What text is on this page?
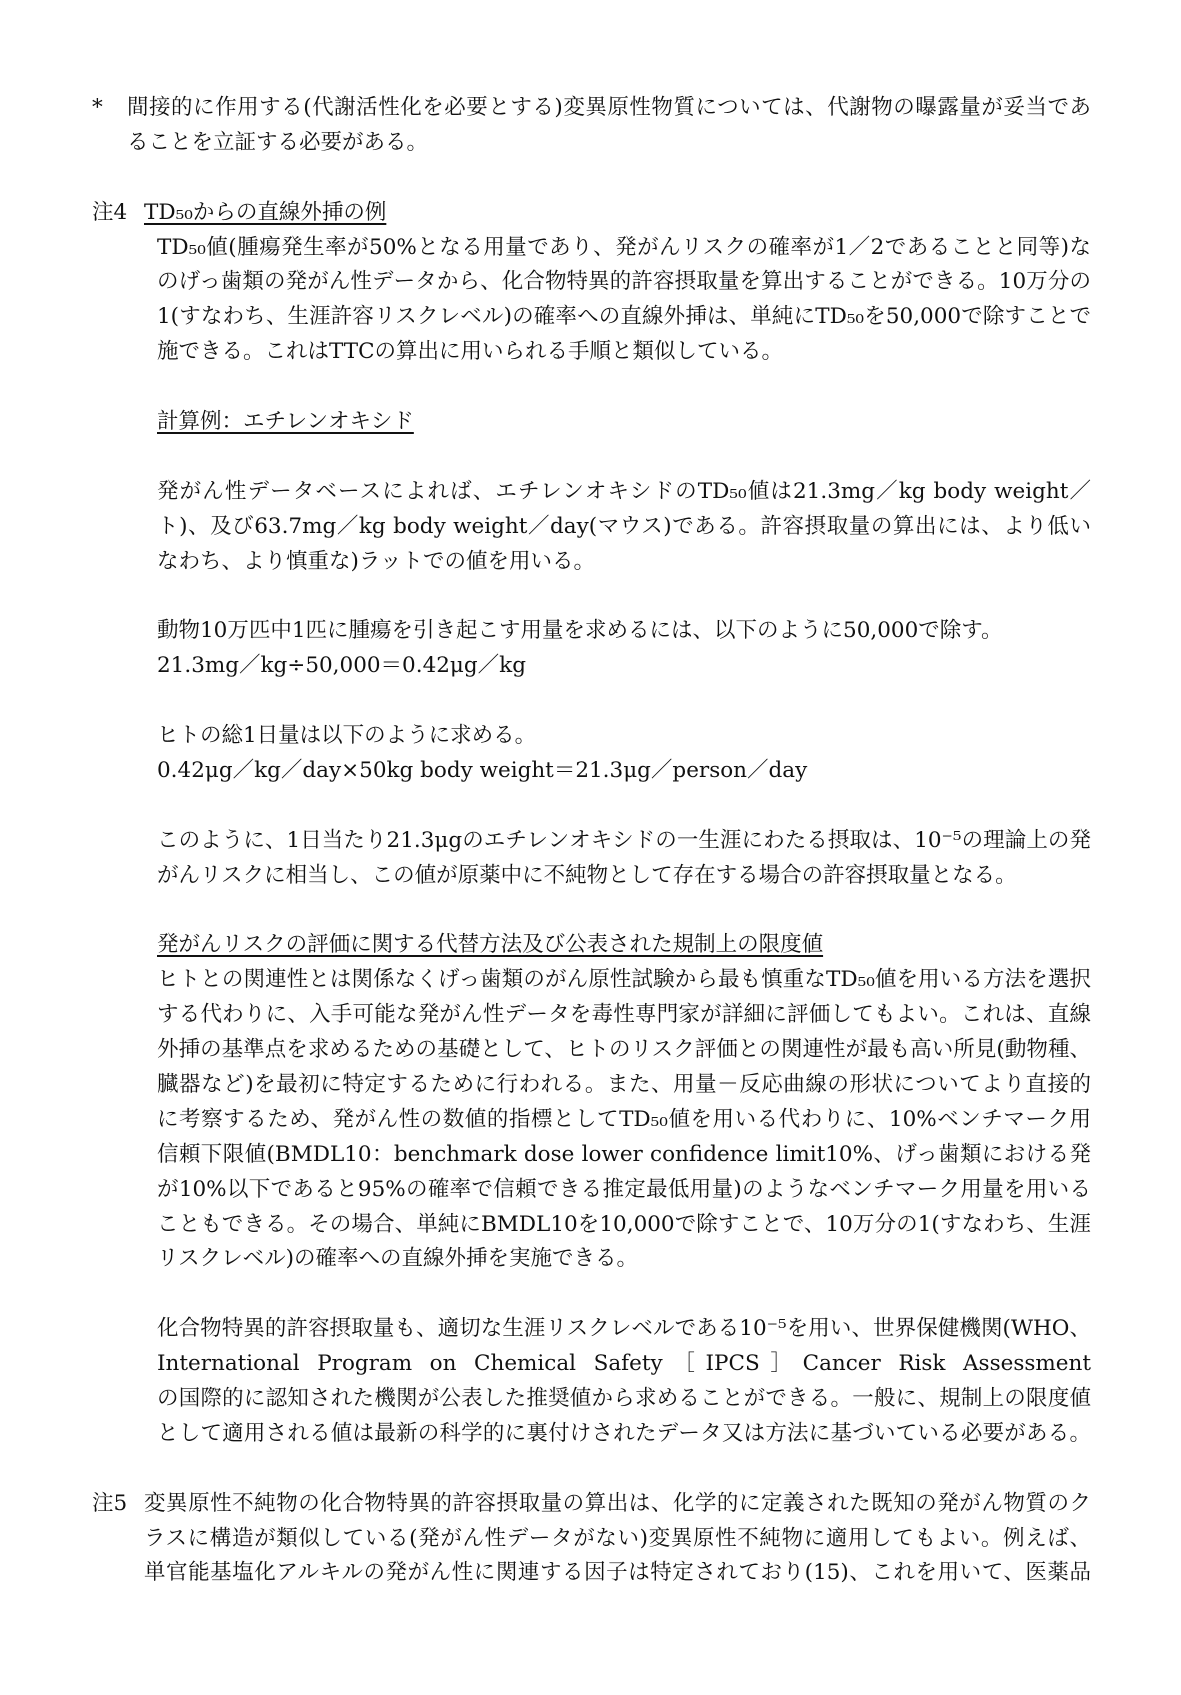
* 間接的に作用する(代謝活性化を必要とする)変異原性物質については、代謝物の曝露量が妥当であ
ることを立証する必要がある。
注4 TD₅₀からの直線外挿の例
TD₅₀値(腫瘍発生率が50%となる用量であり、発がんリスクの確率が1／2であることと同等)な
のげっ歯類の発がん性データから、化合物特異的許容摂取量を算出することができる。10万分の
1(すなわち、生涯許容リスクレベル)の確率への直線外挿は、単純にTD₅₀を50,000で除すことで
施できる。これはTTCの算出に用いられる手順と類似している。
計算例：エチレンオキシド
発がん性データベースによれば、エチレンオキシドのTD₅₀値は21.3mg／kg body weight／
ト)、及び63.7mg／kg body weight／day(マウス)である。許容摂取量の算出には、より低い
なわち、より慎重な)ラットでの値を用いる。
動物10万匹中1匹に腫瘍を引き起こす用量を求めるには、以下のように50,000で除す。
21.3mg／kg÷50,000＝0.42μg／kg
ヒトの総1日量は以下のように求める。
0.42μg／kg／day×50kg body weight＝21.3μg／person／day
このように、1日当たり21.3μgのエチレンオキシドの一生涯にわたる摂取は、10⁻⁵の理論上の発
がんリスクに相当し、この値が原薬中に不純物として存在する場合の許容摂取量となる。
発がんリスクの評価に関する代替方法及び公表された規制上の限度値
ヒトとの関連性とは関係なくげっ歯類のがん原性試験から最も慎重なTD₅₀値を用いる方法を選択
する代わりに、入手可能な発がん性データを毒性専門家が詳細に評価してもよい。これは、直線
外挿の基準点を求めるための基礎として、ヒトのリスク評価との関連性が最も高い所見(動物種、
臓器など)を最初に特定するために行われる。また、用量－反応曲線の形状についてより直接的
に考察するため、発がん性の数値的指標としてTD₅₀値を用いる代わりに、10%ベンチマーク用
信頼下限値(BMDL10：benchmark dose lower confidence limit10%、げっ歯類における発
が10%以下であると95%の確率で信頼できる推定最低用量)のようなベンチマーク用量を用いる
こともできる。その場合、単純にBMDL10を10,000で除すことで、10万分の1(すなわち、生涯
リスクレベル)の確率への直線外挿を実施できる。
化合物特異的許容摂取量も、適切な生涯リスクレベルである10⁻⁵を用い、世界保健機関(WHO、
International Program on Chemical Safety［IPCS］Cancer Risk Assessment
の国際的に認知された機関が公表した推奨値から求めることができる。一般に、規制上の限度値
として適用される値は最新の科学的に裏付けされたデータ又は方法に基づいている必要がある。
注5 変異原性不純物の化合物特異的許容摂取量の算出は、化学的に定義された既知の発がん物質のク
ラスに構造が類似している(発がん性データがない)変異原性不純物に適用してもよい。例えば、
単官能基塩化アルキルの発がん性に関連する因子は特定されており(15)、これを用いて、医薬品
